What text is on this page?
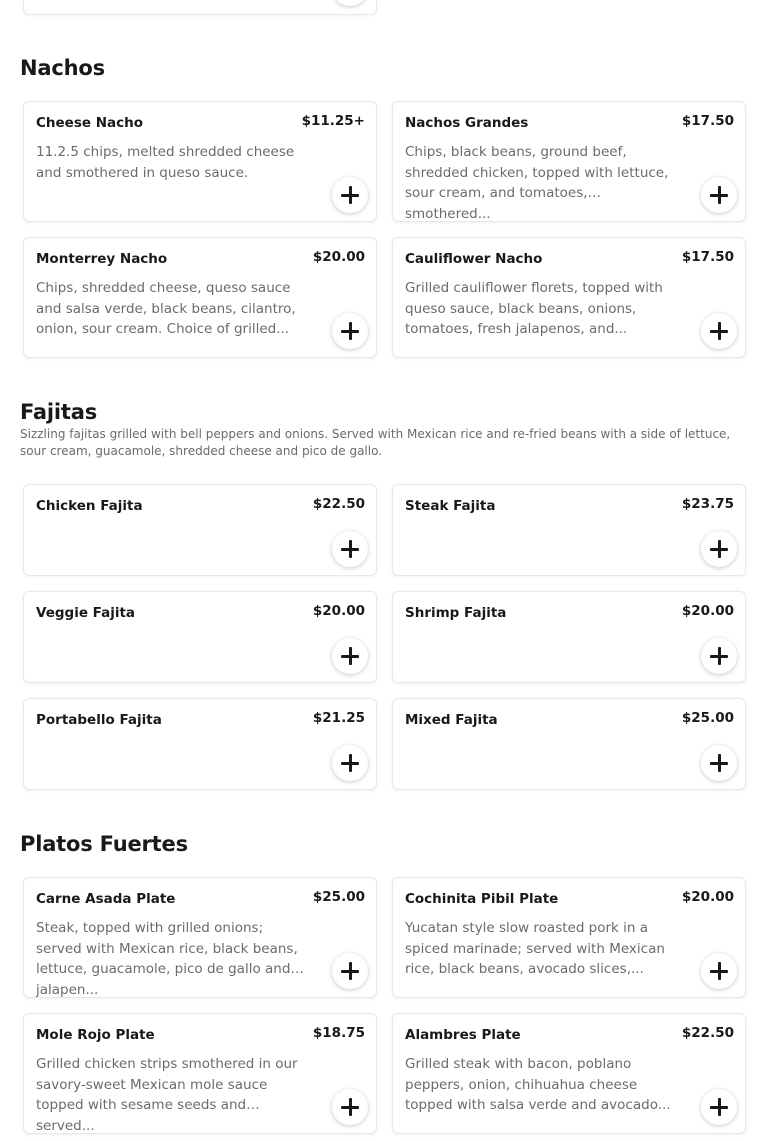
Nachos
Cheese Nacho	$11.25+
11.2.5 chips, melted shredded cheese and smothered in queso sauce.
Nachos Grandes	$17.50
Chips, black beans, ground beef, shredded chicken, topped with lettuce, sour cream, and tomatoes, smothered...
Monterrey Nacho	$20.00
Chips, shredded cheese, queso sauce and salsa verde, black beans, cilantro, onion, sour cream. Choice of grilled...
Cauliflower Nacho	$17.50
Grilled cauliflower florets, topped with queso sauce, black beans, onions, tomatoes, fresh jalapenos, and...
Fajitas

Sizzling fajitas grilled with bell peppers and onions. Served with Mexican rice and re-fried beans with a side of lettuce, sour cream, guacamole, shredded cheese and pico de gallo.

Chicken Fajita	$22.50	Steak Fajita	$23.75
Veggie Fajita	$20.00	Shrimp Fajita	$20.00
Portabello Fajita	$21.25	Mixed Fajita	$25.00
Platos Fuertes
Carne Asada Plate	$25.00
Steak, topped with grilled onions; served with Mexican rice, black beans, lettuce, guacamole, pico de gallo and jalapen...
Cochinita Pibil Plate	$20.00
Yucatan style slow roasted pork in a spiced marinade; served with Mexican rice, black beans, avocado slices,...
Mole Rojo Plate	$18.75
Grilled chicken strips smothered in our savory-sweet Mexican mole sauce topped with sesame seeds and served...
Alambres Plate	$22.50
Grilled steak with bacon, poblano peppers, onion, chihuahua cheese topped with salsa verde and avocado...
